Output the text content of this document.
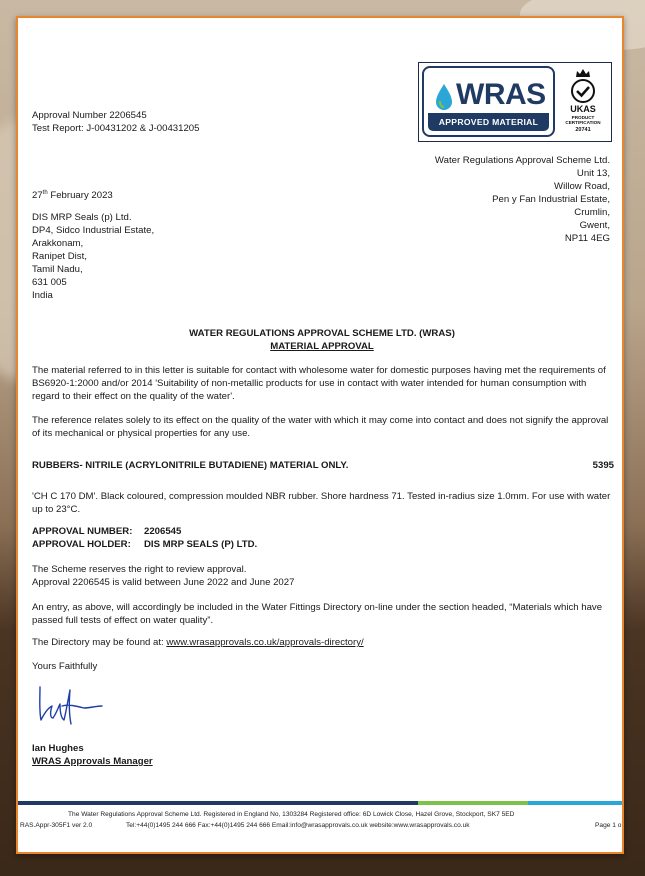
Approval Number 2206545
Test Report: J-00431202 & J-00431205
WRAS
APPROVED MATERIAL
UKAS
PRODUCT
CERTIFICATION
20741
Water Regulations Approval Scheme Ltd.
Unit 13,
Willow Road,
Pen y Fan Industrial Estate,
Crumlin,
Gwent,
NP11 4EG
27th February 2023
DIS MRP Seals (p) Ltd.
DP4, Sidco Industrial Estate,
Arakkonam,
Ranipet Dist,
Tamil Nadu,
631 005
India
WATER REGULATIONS APPROVAL SCHEME LTD. (WRAS)
MATERIAL APPROVAL
The material referred to in this letter is suitable for contact with wholesome water for domestic purposes having met the requirements of BS6920-1:2000 and/or 2014 'Suitability of non-metallic products for use in contact with water intended for human consumption with regard to their effect on the quality of the water'.
The reference relates solely to its effect on the quality of the water with which it may come into contact and does not signify the approval of its mechanical or physical properties for any use.
RUBBERS- NITRILE (ACRYLONITRILE BUTADIENE) MATERIAL ONLY.	5395
'CH C 170 DM'. Black coloured, compression moulded NBR rubber. Shore hardness 71. Tested in-radius size 1.0mm. For use with water up to 23°C.
APPROVAL NUMBER: 2206545
APPROVAL HOLDER: DIS MRP SEALS (P) LTD.
The Scheme reserves the right to review approval.
Approval 2206545 is valid between June 2022 and June 2027
An entry, as above, will accordingly be included in the Water Fittings Directory on-line under the section headed, “Materials which have passed full tests of effect on water quality”.
The Directory may be found at: www.wrasapprovals.co.uk/approvals-directory/
Yours Faithfully
Ian Hughes
WRAS Approvals Manager
The Water Regulations Approval Scheme Ltd. Registered in England No, 1303284 Registered office: 6D Lowick Close, Hazel Grove, Stockport, SK7 5ED
RAS.Appr-305F1 ver 2.0	Tel:+44(0)1495 244 666 Fax:+44(0)1495 244 666 Email:info@wrasapprovals.co.uk website:www.wrasapprovals.co.uk	Page 1 o
